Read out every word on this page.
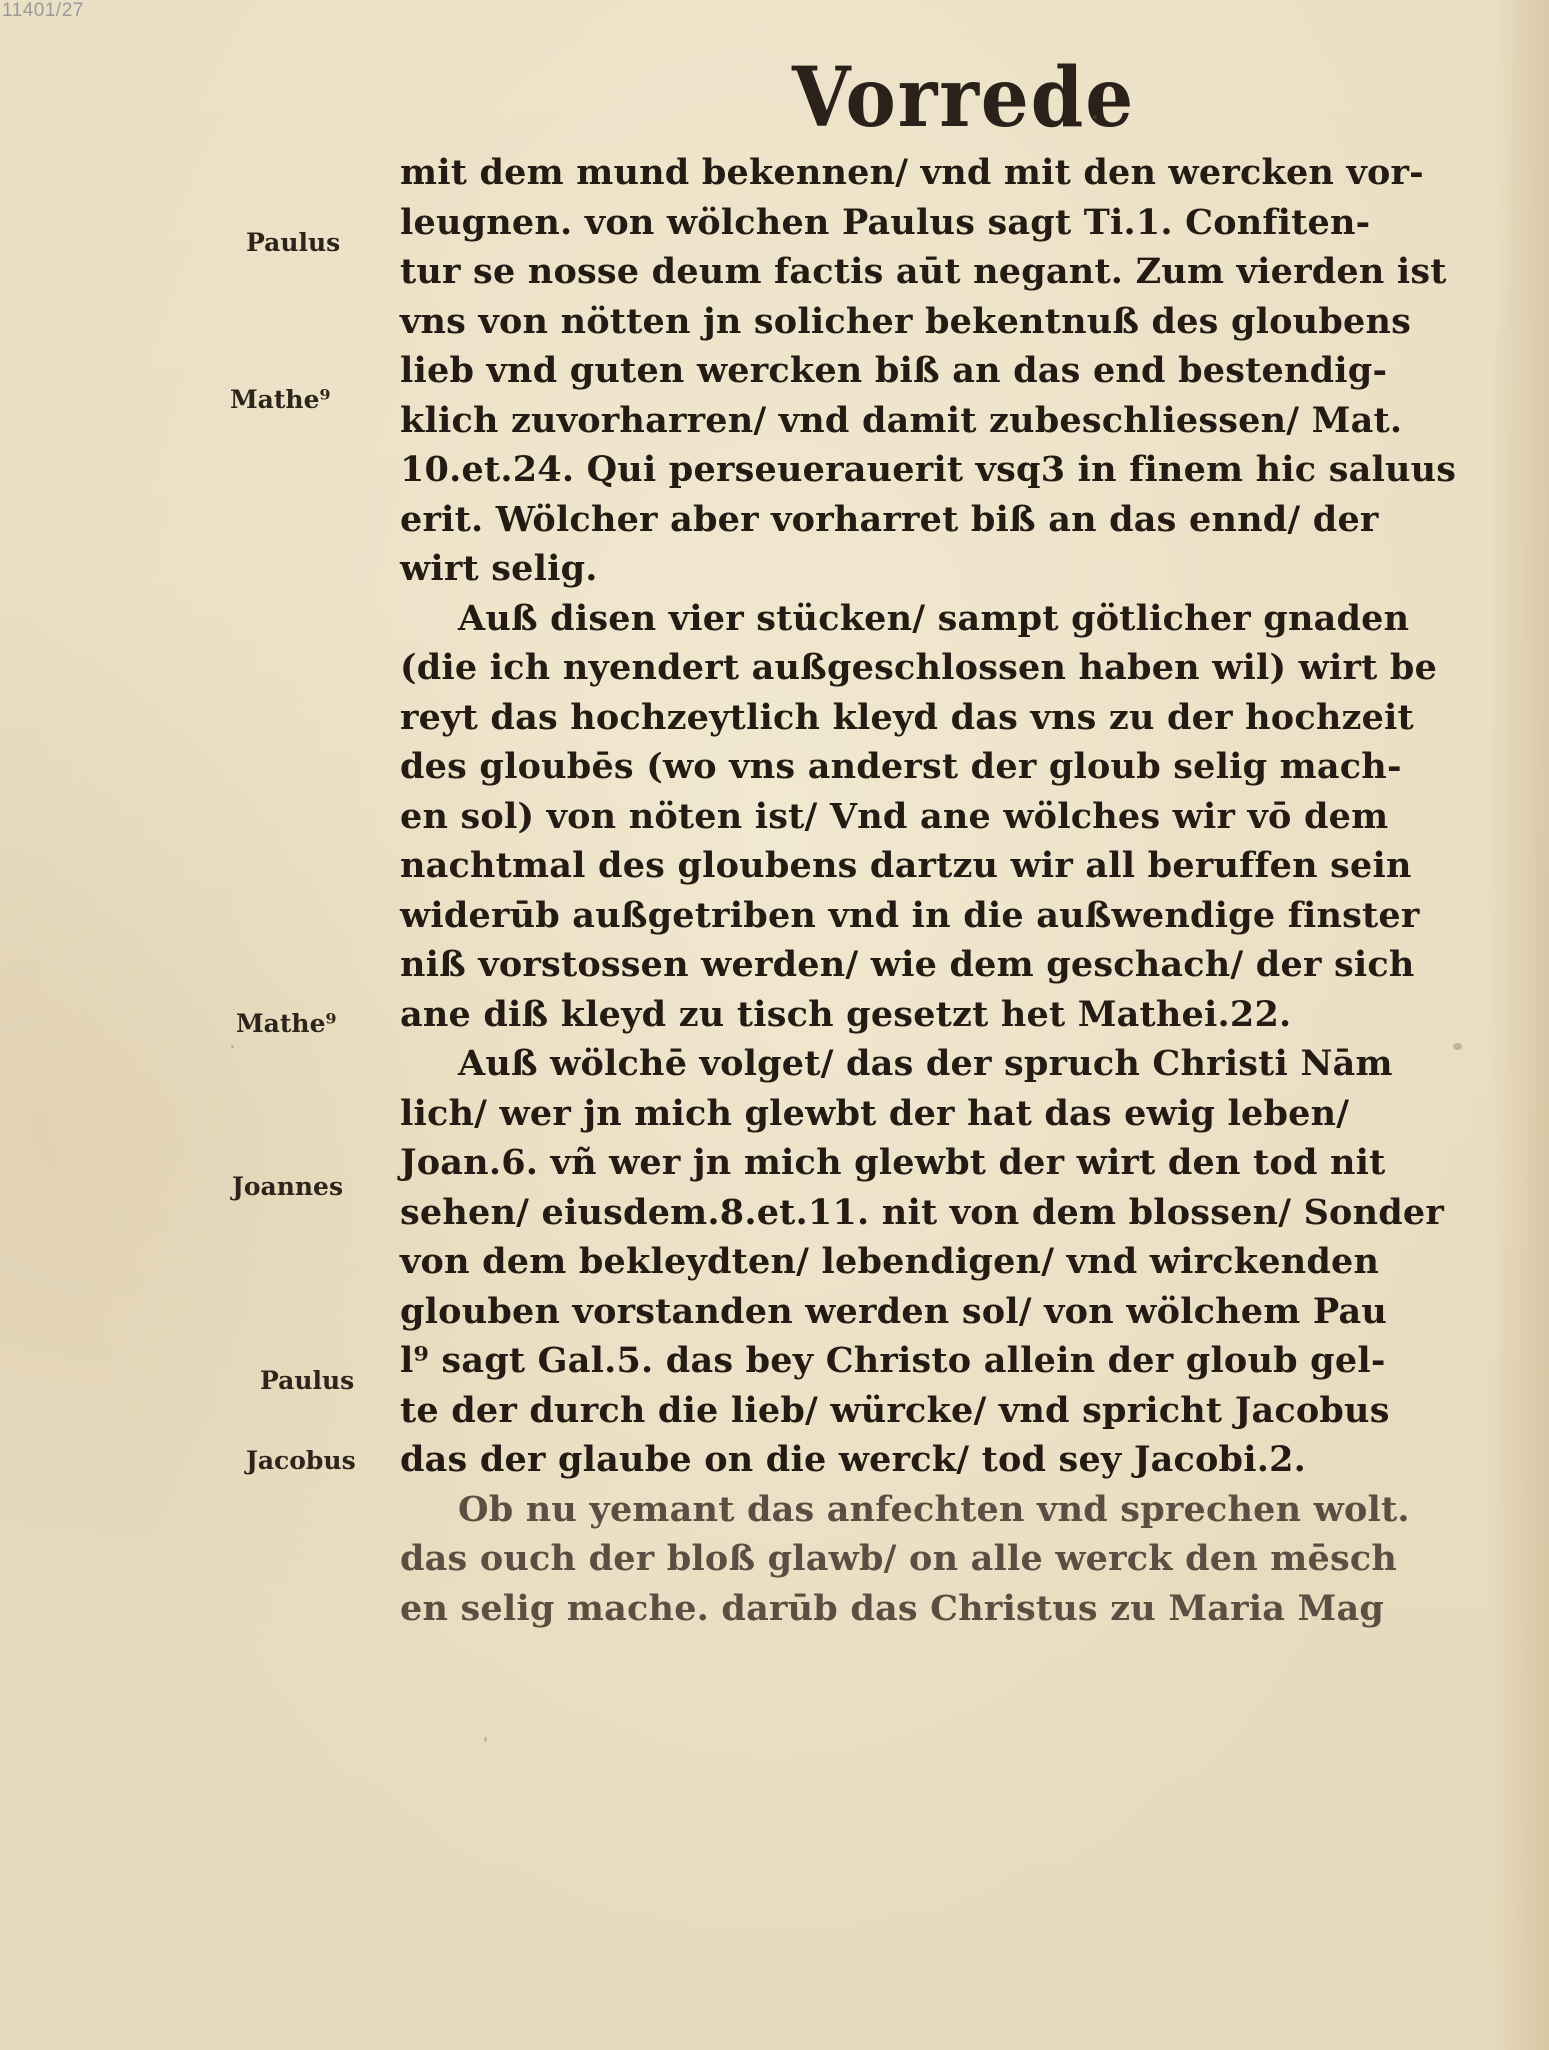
11401/27
Vorrede
Paulus
Mathe⁹
Mathe⁹
Joannes
Paulus
Jacobus
mit dem mund bekennen/ vnd mit den wercken vor-
leugnen. von wölchen Paulus sagt Ti.1. Confiten-
tur se nosse deum factis aūt negant. Zum vierden ist
vns von nötten jn solicher bekentnuß des gloubens
lieb vnd guten wercken biß an das end bestendig-
klich zuvorharren/ vnd damit zubeschliessen/ Mat.
10.et.24. Qui perseuerauerit vsq3 in finem hic saluus
erit. Wölcher aber vorharret biß an das ennd/ der
wirt selig.
Auß disen vier stücken/ sampt götlicher gnaden
(die ich nyendert außgeschlossen haben wil) wirt be
reyt das hochzeytlich kleyd das vns zu der hochzeit
des gloubēs (wo vns anderst der gloub selig mach-
en sol) von nöten ist/ Vnd ane wölches wir vō dem
nachtmal des gloubens dartzu wir all beruffen sein
widerūb außgetriben vnd in die außwendige finster
niß vorstossen werden/ wie dem geschach/ der sich
ane diß kleyd zu tisch gesetzt het Mathei.22.
Auß wölchē volget/ das der spruch Christi Nām
lich/ wer jn mich glewbt der hat das ewig leben/
Joan.6. vñ wer jn mich glewbt der wirt den tod nit
sehen/ eiusdem.8.et.11. nit von dem blossen/ Sonder
von dem bekleydten/ lebendigen/ vnd wirckenden
glouben vorstanden werden sol/ von wölchem Pau
l⁹ sagt Gal.5. das bey Christo allein der gloub gel-
te der durch die lieb/ würcke/ vnd spricht Jacobus
das der glaube on die werck/ tod sey Jacobi.2.
Ob nu yemant das anfechten vnd sprechen wolt.
das ouch der bloß glawb/ on alle werck den mēsch
en selig mache. darūb das Christus zu Maria Mag
